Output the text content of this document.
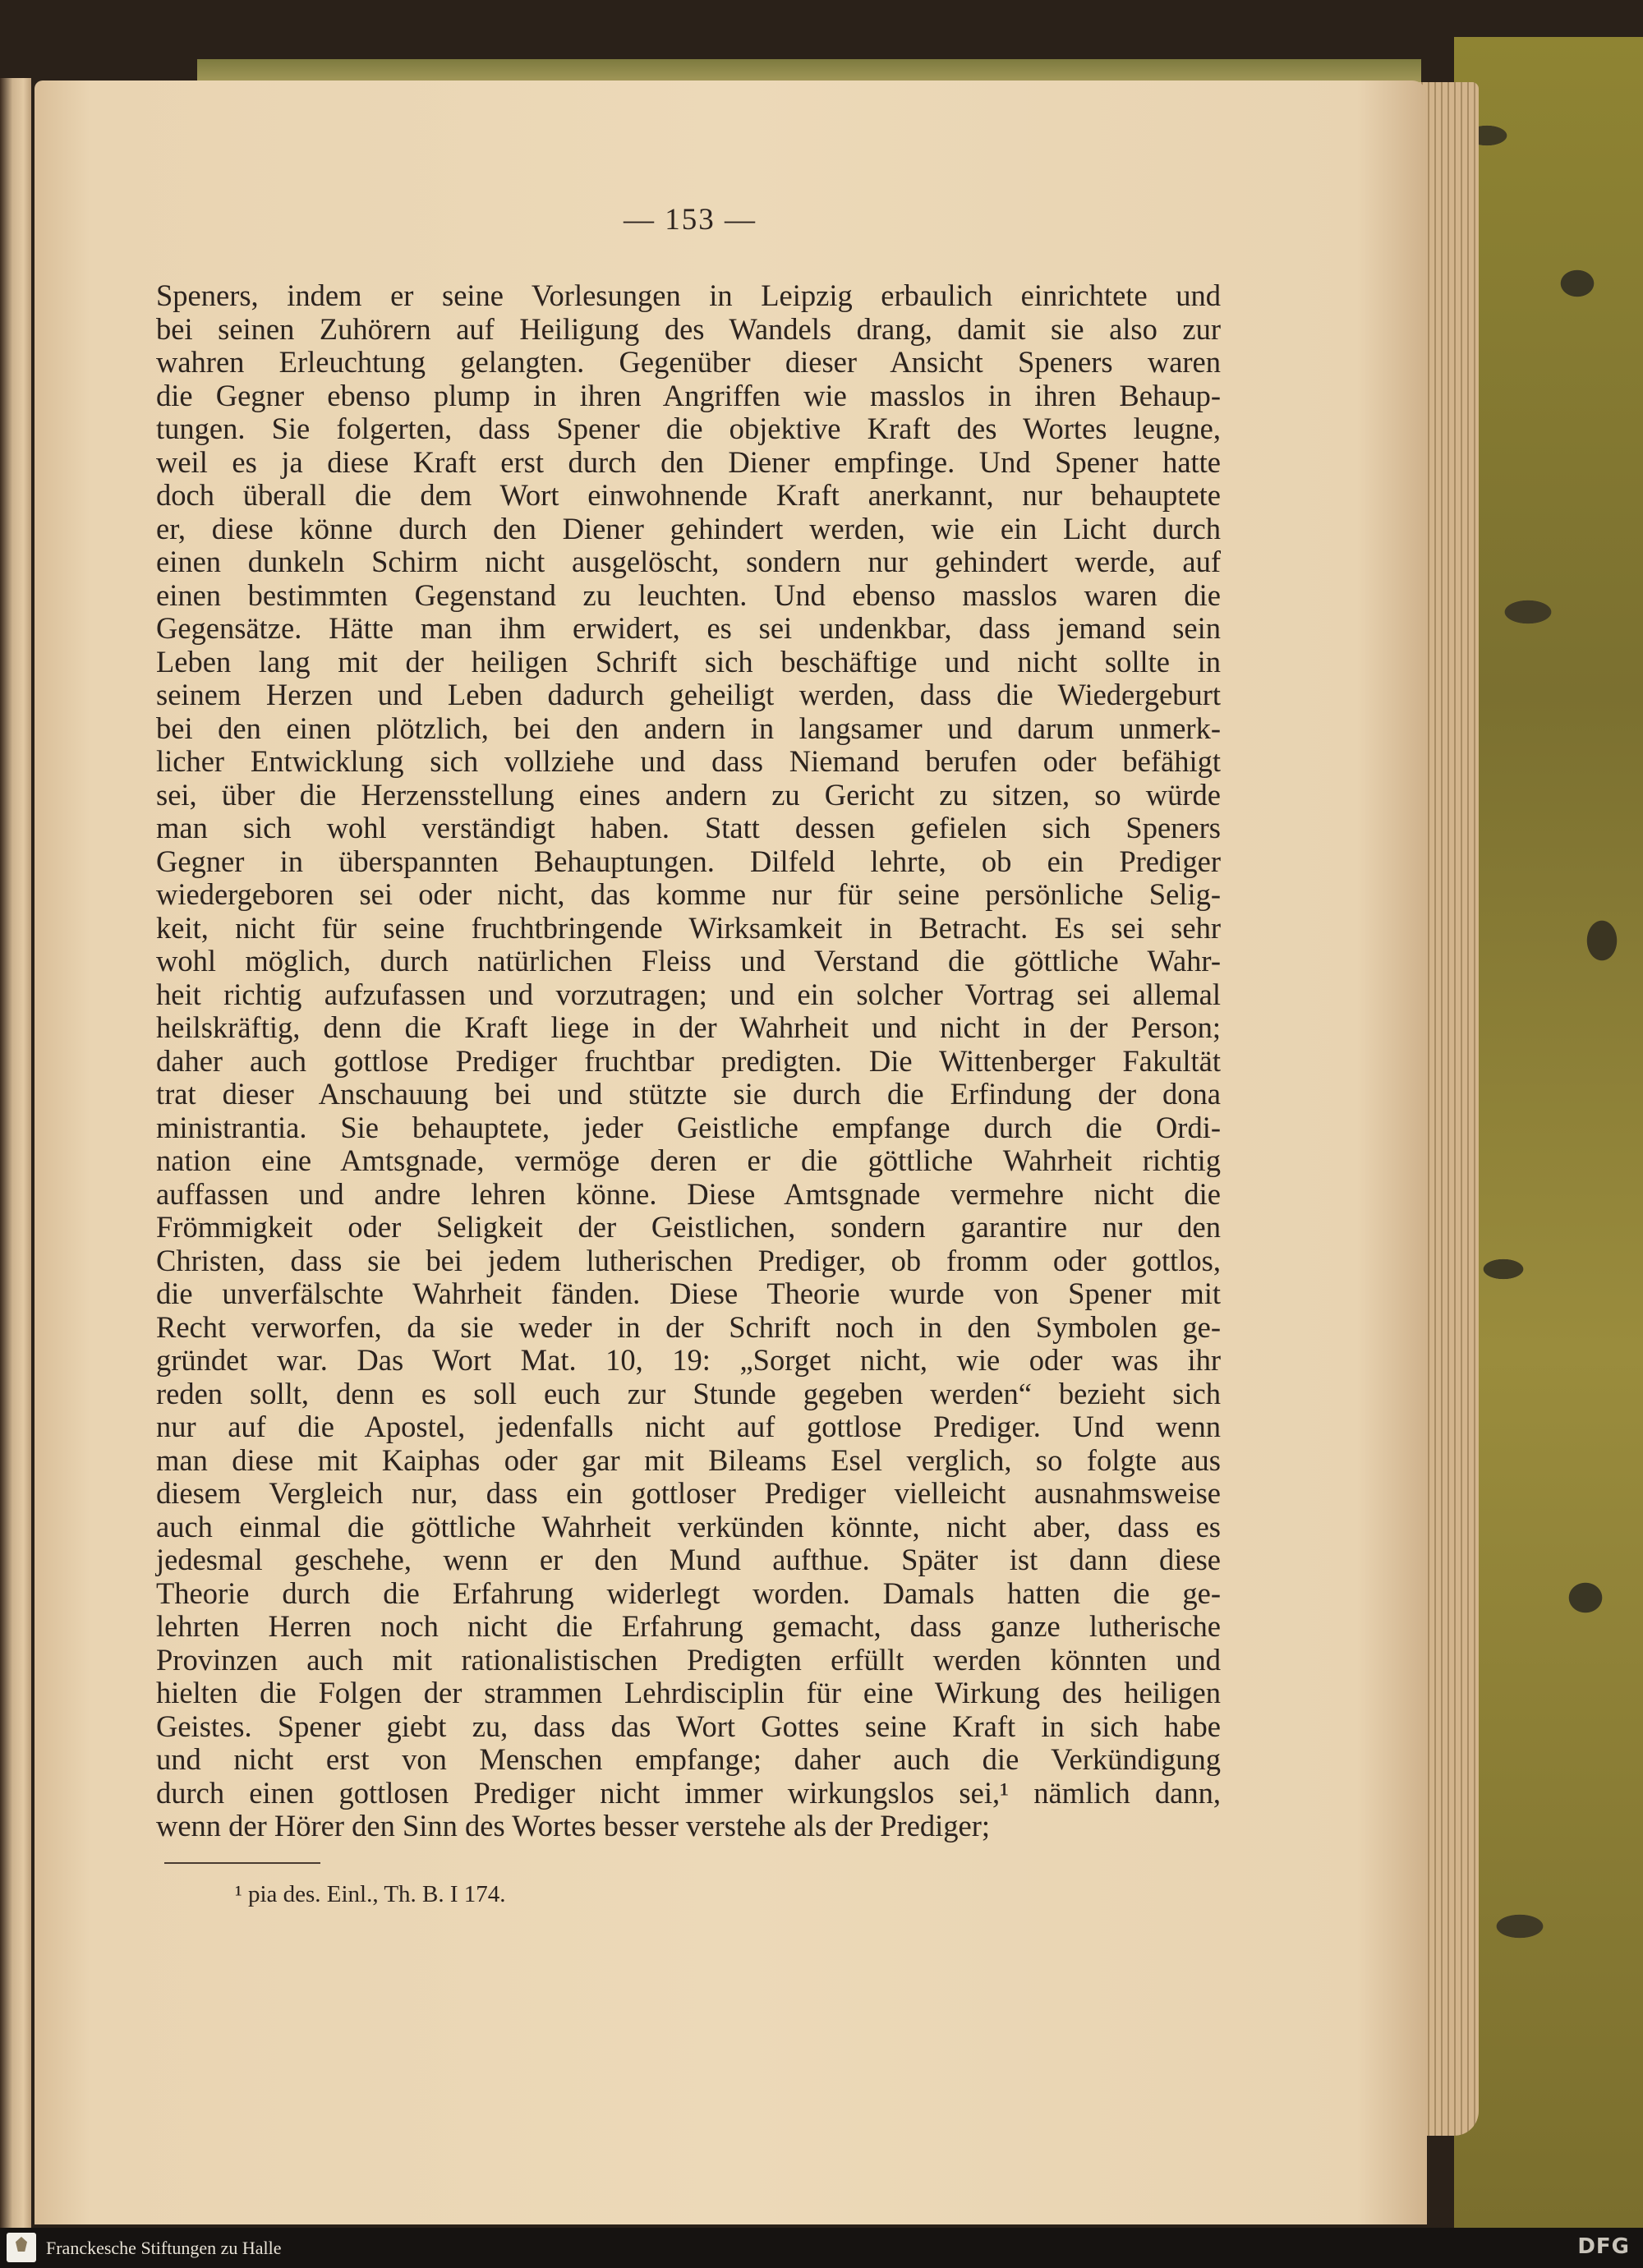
— 153 —
Speners, indem er seine Vorlesungen in Leipzig erbaulich einrichtete und
bei seinen Zuhörern auf Heiligung des Wandels drang, damit sie also zur
wahren Erleuchtung gelangten. Gegenüber dieser Ansicht Speners waren
die Gegner ebenso plump in ihren Angriffen wie masslos in ihren Behaup-
tungen. Sie folgerten, dass Spener die objektive Kraft des Wortes leugne,
weil es ja diese Kraft erst durch den Diener empfinge. Und Spener hatte
doch überall die dem Wort einwohnende Kraft anerkannt, nur behauptete
er, diese könne durch den Diener gehindert werden, wie ein Licht durch
einen dunkeln Schirm nicht ausgelöscht, sondern nur gehindert werde, auf
einen bestimmten Gegenstand zu leuchten. Und ebenso masslos waren die
Gegensätze. Hätte man ihm erwidert, es sei undenkbar, dass jemand sein
Leben lang mit der heiligen Schrift sich beschäftige und nicht sollte in
seinem Herzen und Leben dadurch geheiligt werden, dass die Wiedergeburt
bei den einen plötzlich, bei den andern in langsamer und darum unmerk-
licher Entwicklung sich vollziehe und dass Niemand berufen oder befähigt
sei, über die Herzensstellung eines andern zu Gericht zu sitzen, so würde
man sich wohl verständigt haben. Statt dessen gefielen sich Speners
Gegner in überspannten Behauptungen. Dilfeld lehrte, ob ein Prediger
wiedergeboren sei oder nicht, das komme nur für seine persönliche Selig-
keit, nicht für seine fruchtbringende Wirksamkeit in Betracht. Es sei sehr
wohl möglich, durch natürlichen Fleiss und Verstand die göttliche Wahr-
heit richtig aufzufassen und vorzutragen; und ein solcher Vortrag sei allemal
heilskräftig, denn die Kraft liege in der Wahrheit und nicht in der Person;
daher auch gottlose Prediger fruchtbar predigten. Die Wittenberger Fakultät
trat dieser Anschauung bei und stützte sie durch die Erfindung der dona
ministrantia. Sie behauptete, jeder Geistliche empfange durch die Ordi-
nation eine Amtsgnade, vermöge deren er die göttliche Wahrheit richtig
auffassen und andre lehren könne. Diese Amtsgnade vermehre nicht die
Frömmigkeit oder Seligkeit der Geistlichen, sondern garantire nur den
Christen, dass sie bei jedem lutherischen Prediger, ob fromm oder gottlos,
die unverfälschte Wahrheit fänden. Diese Theorie wurde von Spener mit
Recht verworfen, da sie weder in der Schrift noch in den Symbolen ge-
gründet war. Das Wort Mat. 10, 19: „Sorget nicht, wie oder was ihr
reden sollt, denn es soll euch zur Stunde gegeben werden“ bezieht sich
nur auf die Apostel, jedenfalls nicht auf gottlose Prediger. Und wenn
man diese mit Kaiphas oder gar mit Bileams Esel verglich, so folgte aus
diesem Vergleich nur, dass ein gottloser Prediger vielleicht ausnahmsweise
auch einmal die göttliche Wahrheit verkünden könnte, nicht aber, dass es
jedesmal geschehe, wenn er den Mund aufthue. Später ist dann diese
Theorie durch die Erfahrung widerlegt worden. Damals hatten die ge-
lehrten Herren noch nicht die Erfahrung gemacht, dass ganze lutherische
Provinzen auch mit rationalistischen Predigten erfüllt werden könnten und
hielten die Folgen der strammen Lehrdisciplin für eine Wirkung des heiligen
Geistes. Spener giebt zu, dass das Wort Gottes seine Kraft in sich habe
und nicht erst von Menschen empfange; daher auch die Verkündigung
durch einen gottlosen Prediger nicht immer wirkungslos sei,¹ nämlich dann,
wenn der Hörer den Sinn des Wortes besser verstehe als der Prediger;
¹ pia des. Einl., Th. B. I 174.
Franckesche Stiftungen zu Halle	DFG
